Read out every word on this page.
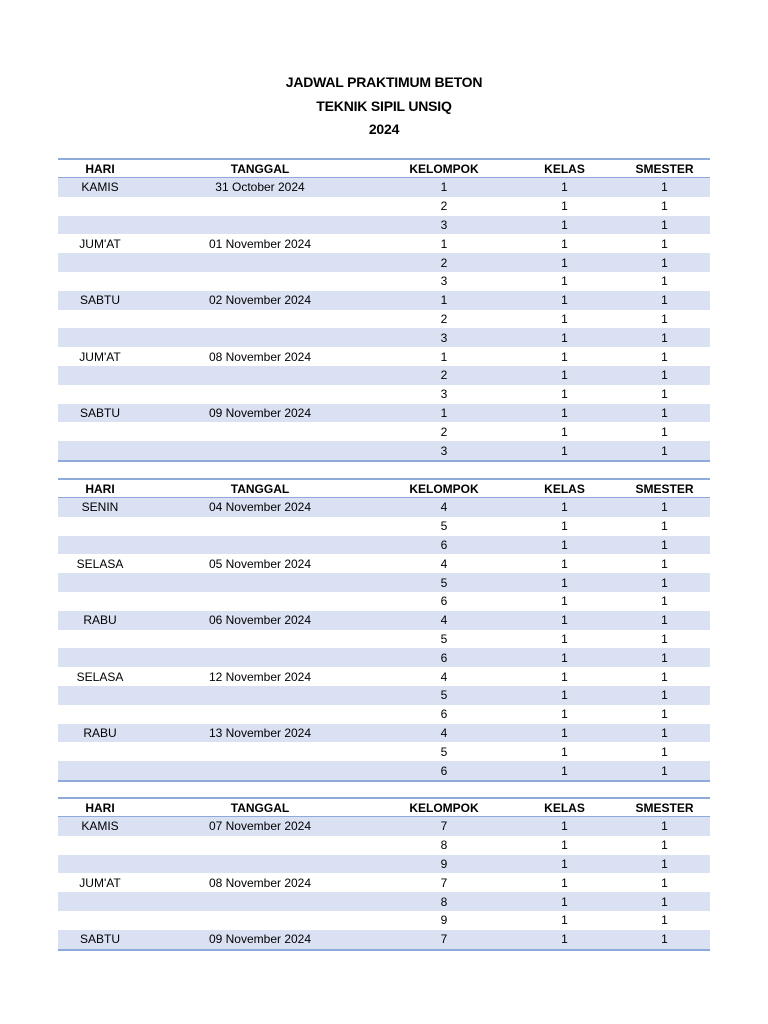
JADWAL PRAKTIMUM BETON
TEKNIK SIPIL UNSIQ
2024
HARI	TANGGAL	KELOMPOK	KELAS	SMESTER
KAMIS	31 October 2024	1	1	1
		2	1	1
		3	1	1
JUM'AT	01 November 2024	1	1	1
		2	1	1
		3	1	1
SABTU	02 November 2024	1	1	1
		2	1	1
		3	1	1
JUM'AT	08 November 2024	1	1	1
		2	1	1
		3	1	1
SABTU	09 November 2024	1	1	1
		2	1	1
		3	1	1
HARI	TANGGAL	KELOMPOK	KELAS	SMESTER
SENIN	04 November 2024	4	1	1
		5	1	1
		6	1	1
SELASA	05 November 2024	4	1	1
		5	1	1
		6	1	1
RABU	06 November 2024	4	1	1
		5	1	1
		6	1	1
SELASA	12 November 2024	4	1	1
		5	1	1
		6	1	1
RABU	13 November 2024	4	1	1
		5	1	1
		6	1	1
HARI	TANGGAL	KELOMPOK	KELAS	SMESTER
KAMIS	07 November 2024	7	1	1
		8	1	1
		9	1	1
JUM'AT	08 November 2024	7	1	1
		8	1	1
		9	1	1
SABTU	09 November 2024	7	1	1
